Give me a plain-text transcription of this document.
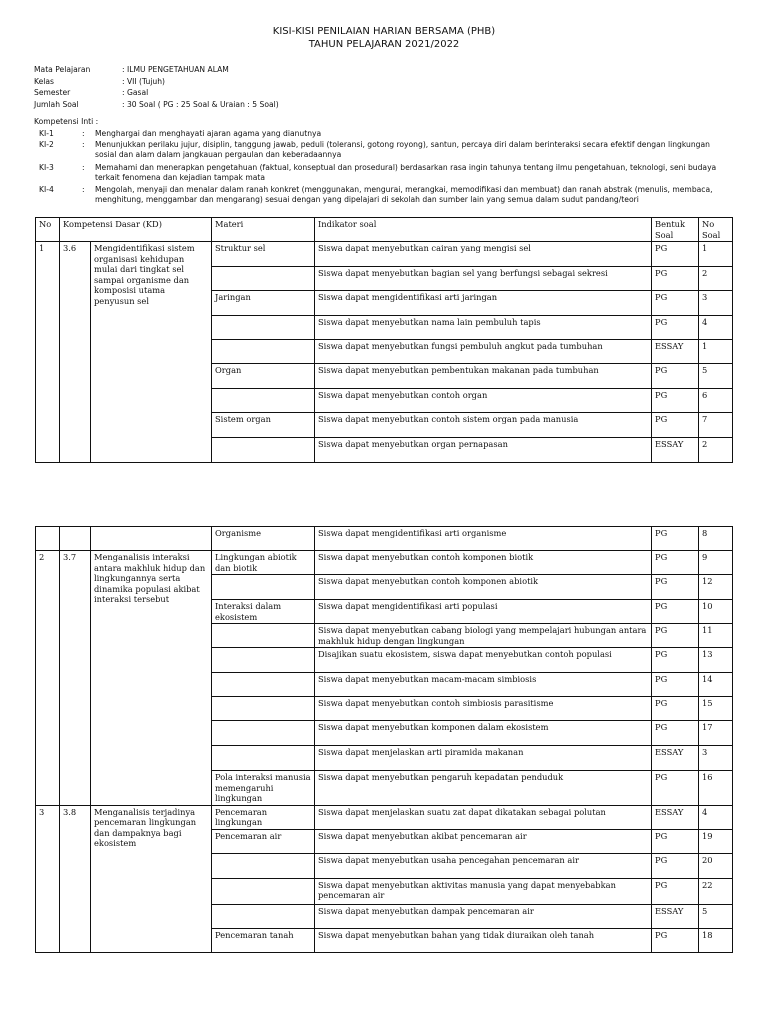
KISI-KISI PENILAIAN HARIAN BERSAMA (PHB)
TAHUN PELAJARAN 2021/2022
Mata Pelajaran	: ILMU PENGETAHUAN ALAM
Kelas	: VII (Tujuh)
Semester	: Gasal
Jumlah Soal	: 30 Soal ( PG : 25 Soal & Uraian : 5 Soal)
Kompetensi Inti :
KI-1	: Menghargai dan menghayati ajaran agama yang dianutnya
KI-2	: Menunjukkan perilaku jujur, disiplin, tanggung jawab, peduli (toleransi, gotong royong), santun, percaya diri dalam berinteraksi secara efektif dengan lingkungan sosial dan alam dalam jangkauan pergaulan dan keberadaannya
KI-3	: Memahami dan menerapkan pengetahuan (faktual, konseptual dan prosedural) berdasarkan rasa ingin tahunya tentang ilmu pengetahuan, teknologi, seni budaya terkait fenomena dan kejadian tampak mata
KI-4	: Mengolah, menyaji dan menalar dalam ranah konkret (menggunakan, mengurai, merangkai, memodifikasi dan membuat) dan ranah abstrak (menulis, membaca, menghitung, menggambar dan mengarang) sesuai dengan yang dipelajari di sekolah dan sumber lain yang semua dalam sudut pandang/teori
No	Kompetensi Dasar (KD)		Materi	Indikator soal	Bentuk Soal	No Soal
1	3.6	Mengidentifikasi sistem organisasi kehidupan mulai dari tingkat sel sampai organisme dan komposisi utama penyusun sel	Struktur sel	Siswa dapat menyebutkan cairan yang mengisi sel	PG	1
				Siswa dapat menyebutkan bagian sel yang berfungsi sebagai sekresi	PG	2
			Jaringan	Siswa dapat mengidentifikasi arti jaringan	PG	3
				Siswa dapat menyebutkan nama lain pembuluh tapis	PG	4
				Siswa dapat menyebutkan fungsi pembuluh angkut pada tumbuhan	ESSAY	1
			Organ	Siswa dapat menyebutkan pembentukan makanan pada tumbuhan	PG	5
				Siswa dapat menyebutkan contoh organ	PG	6
			Sistem organ	Siswa dapat menyebutkan contoh sistem organ pada manusia	PG	7
				Siswa dapat menyebutkan organ pernapasan	ESSAY	2
			Organisme	Siswa dapat mengidentifikasi arti organisme	PG	8
2	3.7	Menganalisis interaksi antara makhluk hidup dan lingkungannya serta dinamika populasi akibat interaksi tersebut	Lingkungan abiotik dan biotik	Siswa dapat menyebutkan contoh komponen biotik	PG	9
				Siswa dapat menyebutkan contoh komponen abiotik	PG	12
			Interaksi dalam ekosistem	Siswa dapat mengidentifikasi arti populasi	PG	10
				Siswa dapat menyebutkan cabang biologi yang mempelajari hubungan antara makhluk hidup dengan lingkungan	PG	11
				Disajikan suatu ekosistem, siswa dapat menyebutkan contoh populasi	PG	13
				Siswa dapat menyebutkan macam-macam simbiosis	PG	14
				Siswa dapat menyebutkan contoh simbiosis parasitisme	PG	15
				Siswa dapat menyebutkan komponen dalam ekosistem	PG	17
				Siswa dapat menjelaskan arti piramida makanan	ESSAY	3
			Pola interaksi manusia memengaruhi lingkungan	Siswa dapat menyebutkan pengaruh kepadatan penduduk	PG	16
3	3.8	Menganalisis terjadinya pencemaran lingkungan dan dampaknya bagi ekosistem	Pencemaran lingkungan	Siswa dapat menjelaskan suatu zat dapat dikatakan sebagai polutan	ESSAY	4
			Pencemaran air	Siswa dapat menyebutkan akibat pencemaran air	PG	19
				Siswa dapat menyebutkan usaha pencegahan pencemaran air	PG	20
				Siswa dapat menyebutkan aktivitas manusia yang dapat menyebabkan pencemaran air	PG	22
				Siswa dapat menyebutkan dampak pencemaran air	ESSAY	5
			Pencemaran tanah	Siswa dapat menyebutkan bahan yang tidak diuraikan oleh tanah	PG	18
